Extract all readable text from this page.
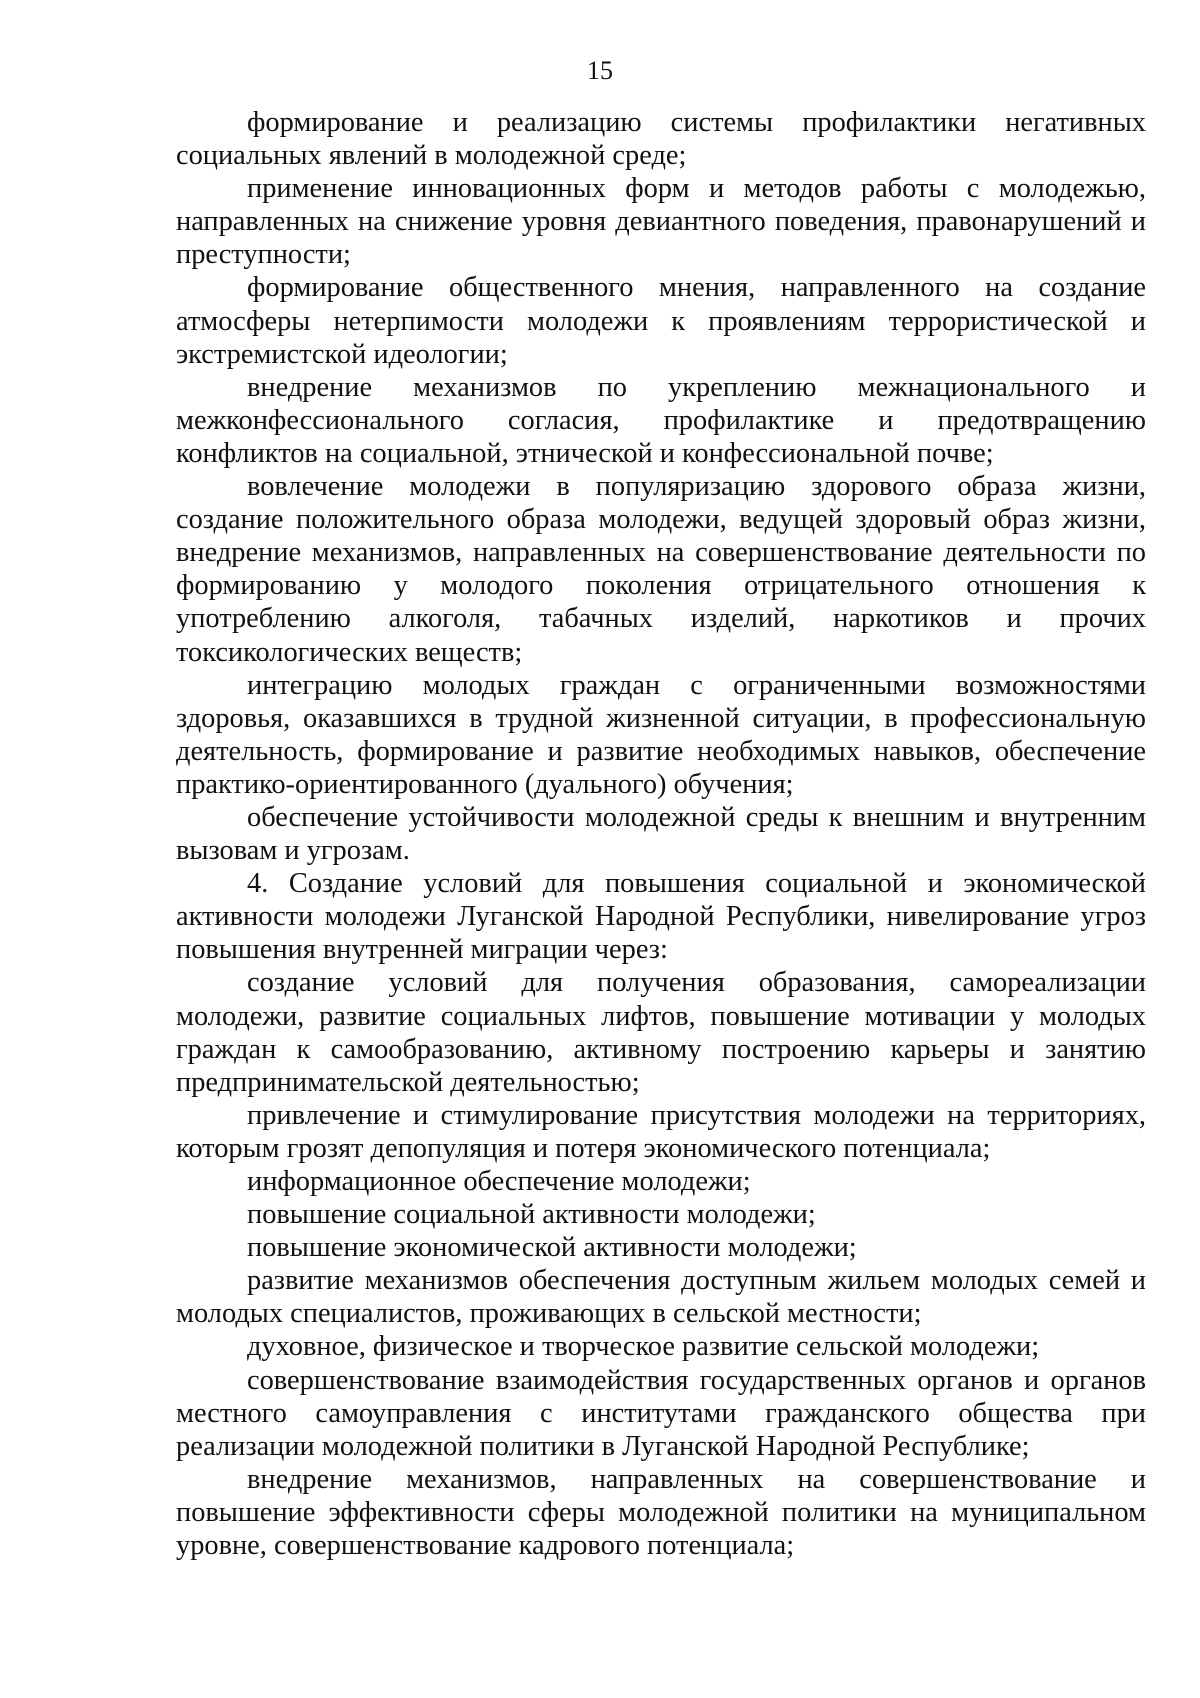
15

формирование и реализацию системы профилактики негативных социальных явлений в молодежной среде;

применение инновационных форм и методов работы с молодежью, направленных на снижение уровня девиантного поведения, правонарушений и преступности;

формирование общественного мнения, направленного на создание атмосферы нетерпимости молодежи к проявлениям террористической и экстремистской идеологии;

внедрение механизмов по укреплению межнационального и межконфессионального согласия, профилактике и предотвращению конфликтов на социальной, этнической и конфессиональной почве;

вовлечение молодежи в популяризацию здорового образа жизни, создание положительного образа молодежи, ведущей здоровый образ жизни, внедрение механизмов, направленных на совершенствование деятельности по формированию у молодого поколения отрицательного отношения к употреблению алкоголя, табачных изделий, наркотиков и прочих токсикологических веществ;

интеграцию молодых граждан с ограниченными возможностями здоровья, оказавшихся в трудной жизненной ситуации, в профессиональную деятельность, формирование и развитие необходимых навыков, обеспечение практико-ориентированного (дуального) обучения;

обеспечение устойчивости молодежной среды к внешним и внутренним вызовам и угрозам.

4. Создание условий для повышения социальной и экономической активности молодежи Луганской Народной Республики, нивелирование угроз повышения внутренней миграции через:

создание условий для получения образования, самореализации молодежи, развитие социальных лифтов, повышение мотивации у молодых граждан к самообразованию, активному построению карьеры и занятию предпринимательской деятельностью;

привлечение и стимулирование присутствия молодежи на территориях, которым грозят депопуляция и потеря экономического потенциала;

информационное обеспечение молодежи;

повышение социальной активности молодежи;

повышение экономической активности молодежи;

развитие механизмов обеспечения доступным жильем молодых семей и молодых специалистов, проживающих в сельской местности;

духовное, физическое и творческое развитие сельской молодежи;

совершенствование взаимодействия государственных органов и органов местного самоуправления с институтами гражданского общества при реализации молодежной политики в Луганской Народной Республике;

внедрение механизмов, направленных на совершенствование и повышение эффективности сферы молодежной политики на муниципальном уровне, совершенствование кадрового потенциала;
